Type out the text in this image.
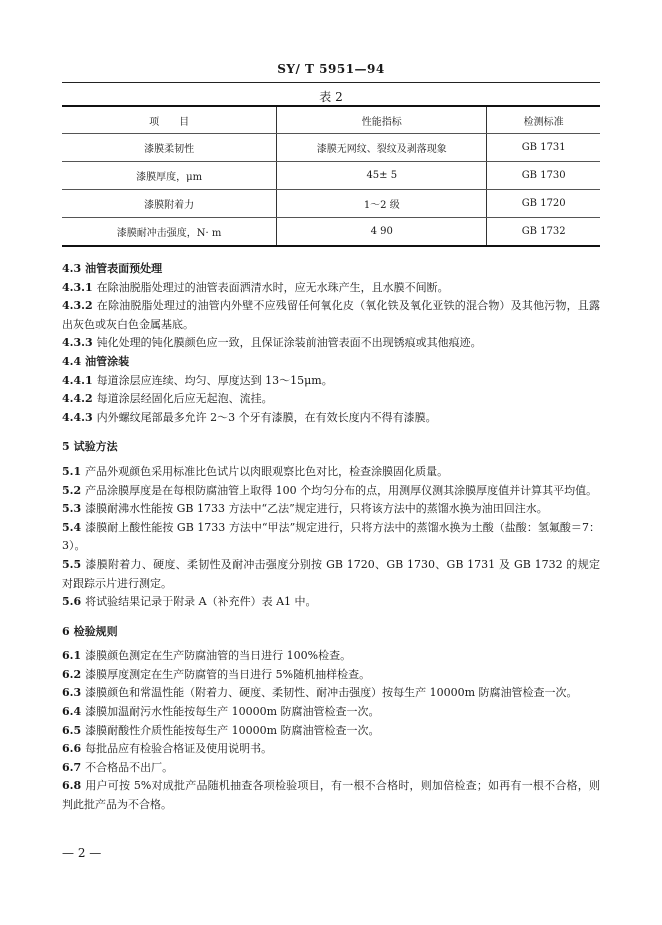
SY/ T 5951—94
表 2
项　　目	性能指标	检测标准
漆膜柔韧性	漆膜无网纹、裂纹及剥落现象	GB 1731
漆膜厚度，μm	45± 5	GB 1730
漆膜附着力	1～2 级	GB 1720
漆膜耐冲击强度，N· m	4 90	GB 1732

4.3 油管表面预处理

4.3.1 在除油脱脂处理过的油管表面洒清水时，应无水珠产生，且水膜不间断。

4.3.2 在除油脱脂处理过的油管内外壁不应残留任何氧化皮（氧化铁及氧化亚铁的混合物）及其他污物，且露出灰色或灰白色金属基底。

4.3.3 钝化处理的钝化膜颜色应一致，且保证涂装前油管表面不出现锈痕或其他痕迹。

4.4 油管涂装

4.4.1 每道涂层应连续、均匀、厚度达到 13～15μm。

4.4.2 每道涂层经固化后应无起泡、流挂。

4.4.3 内外螺纹尾部最多允许 2～3 个牙有漆膜，在有效长度内不得有漆膜。

5 试验方法

5.1 产品外观颜色采用标准比色试片以肉眼观察比色对比，检查涂膜固化质量。

5.2 产品涂膜厚度是在每根防腐油管上取得 100 个均匀分布的点，用测厚仪测其涂膜厚度值并计算其平均值。

5.3 漆膜耐沸水性能按 GB 1733 方法中“乙法”规定进行，只将该方法中的蒸馏水换为油田回注水。

5.4 漆膜耐上酸性能按 GB 1733 方法中“甲法”规定进行，只将方法中的蒸馏水换为土酸（盐酸：氢氟酸＝7：3）。

5.5 漆膜附着力、硬度、柔韧性及耐冲击强度分别按 GB 1720、GB 1730、GB 1731 及 GB 1732 的规定对跟踪示片进行测定。

5.6 将试验结果记录于附录 A（补充件）表 A1 中。

6 检验规则

6.1 漆膜颜色测定在生产防腐油管的当日进行 100%检查。

6.2 漆膜厚度测定在生产防腐管的当日进行 5%随机抽样检查。

6.3 漆膜颜色和常温性能（附着力、硬度、柔韧性、耐冲击强度）按每生产 10000m 防腐油管检查一次。

6.4 漆膜加温耐污水性能按每生产 10000m 防腐油管检查一次。

6.5 漆膜耐酸性介质性能按每生产 10000m 防腐油管检查一次。

6.6 每批品应有检验合格证及使用说明书。

6.7 不合格品不出厂。

6.8 用户可按 5%对成批产品随机抽查各项检验项目，有一根不合格时，则加倍检查；如再有一根不合格，则判此批产品为不合格。

— 2 —
